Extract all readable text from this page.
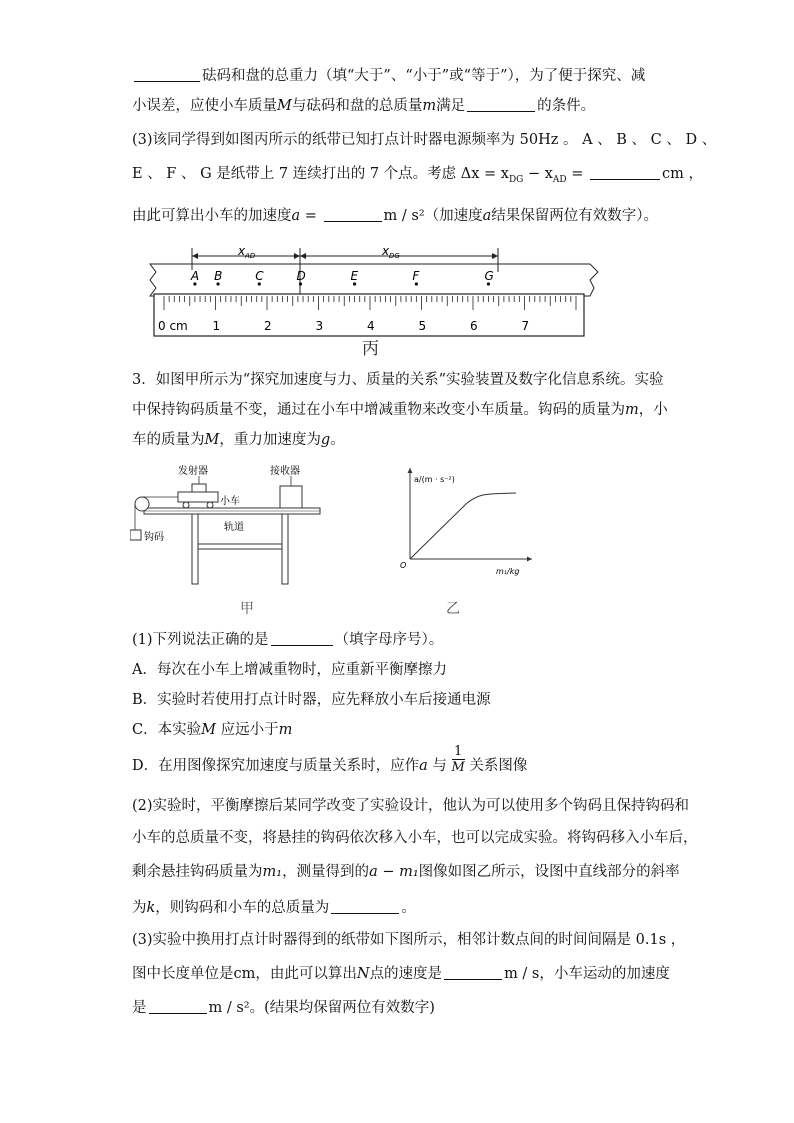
砝码和盘的总重力（填“大于”、“小于”或“等于”），为了便于探究、减
小误差，应使小车质量M与砝码和盘的总质量m满足	的条件。
(3)该同学得到如图丙所示的纸带已知打点计时器电源频率为 50Hz 。 A 、 B 、 C 、 D 、
E 、 F 、 G 是纸带上 7 连续打出的 7 个点。考虑 $\Delta x = x_{DG} - x_{AD}$ =	cm ，
由此可算出小车的加速度a =	m / s²（加速度a结果保留两位有效数字）。
x AD	x DG
A B	C	D	E	F	G
0 cm 1	2	3	4	5	6	7
丙
3．如图甲所示为“探究加速度与力、质量的关系”实验装置及数字化信息系统。实验
中保持钩码质量不变，通过在小车中增减重物来改变小车质量。钩码的质量为m，小
车的质量为M，重力加速度为g。
发射器	接收器
小车
轨道
钩码
甲
a/(m · s⁻²)
m₁/kg
O
乙
(1)下列说法正确的是	（填字母序号）。
A．每次在小车上增减重物时，应重新平衡摩擦力
B．实验时若使用打点计时器，应先释放小车后接通电源
C．本实验M 应远小于m
D．在用图像探究加速度与质量关系时，应作a 与 $\frac{1}{M}$ 关系图像
(2)实验时，平衡摩擦后某同学改变了实验设计，他认为可以使用多个钩码且保持钩码和
小车的总质量不变，将悬挂的钩码依次移入小车，也可以完成实验。将钩码移入小车后，
剩余悬挂钩码质量为m₁，测量得到的a − m₁图像如图乙所示，设图中直线部分的斜率
为k，则钩码和小车的总质量为	。
(3)实验中换用打点计时器得到的纸带如下图所示，相邻计数点间的时间间隔是 0.1s ，
图中长度单位是cm，由此可以算出N点的速度是	m / s，小车运动的加速度
是	m / s²。(结果均保留两位有效数字)
